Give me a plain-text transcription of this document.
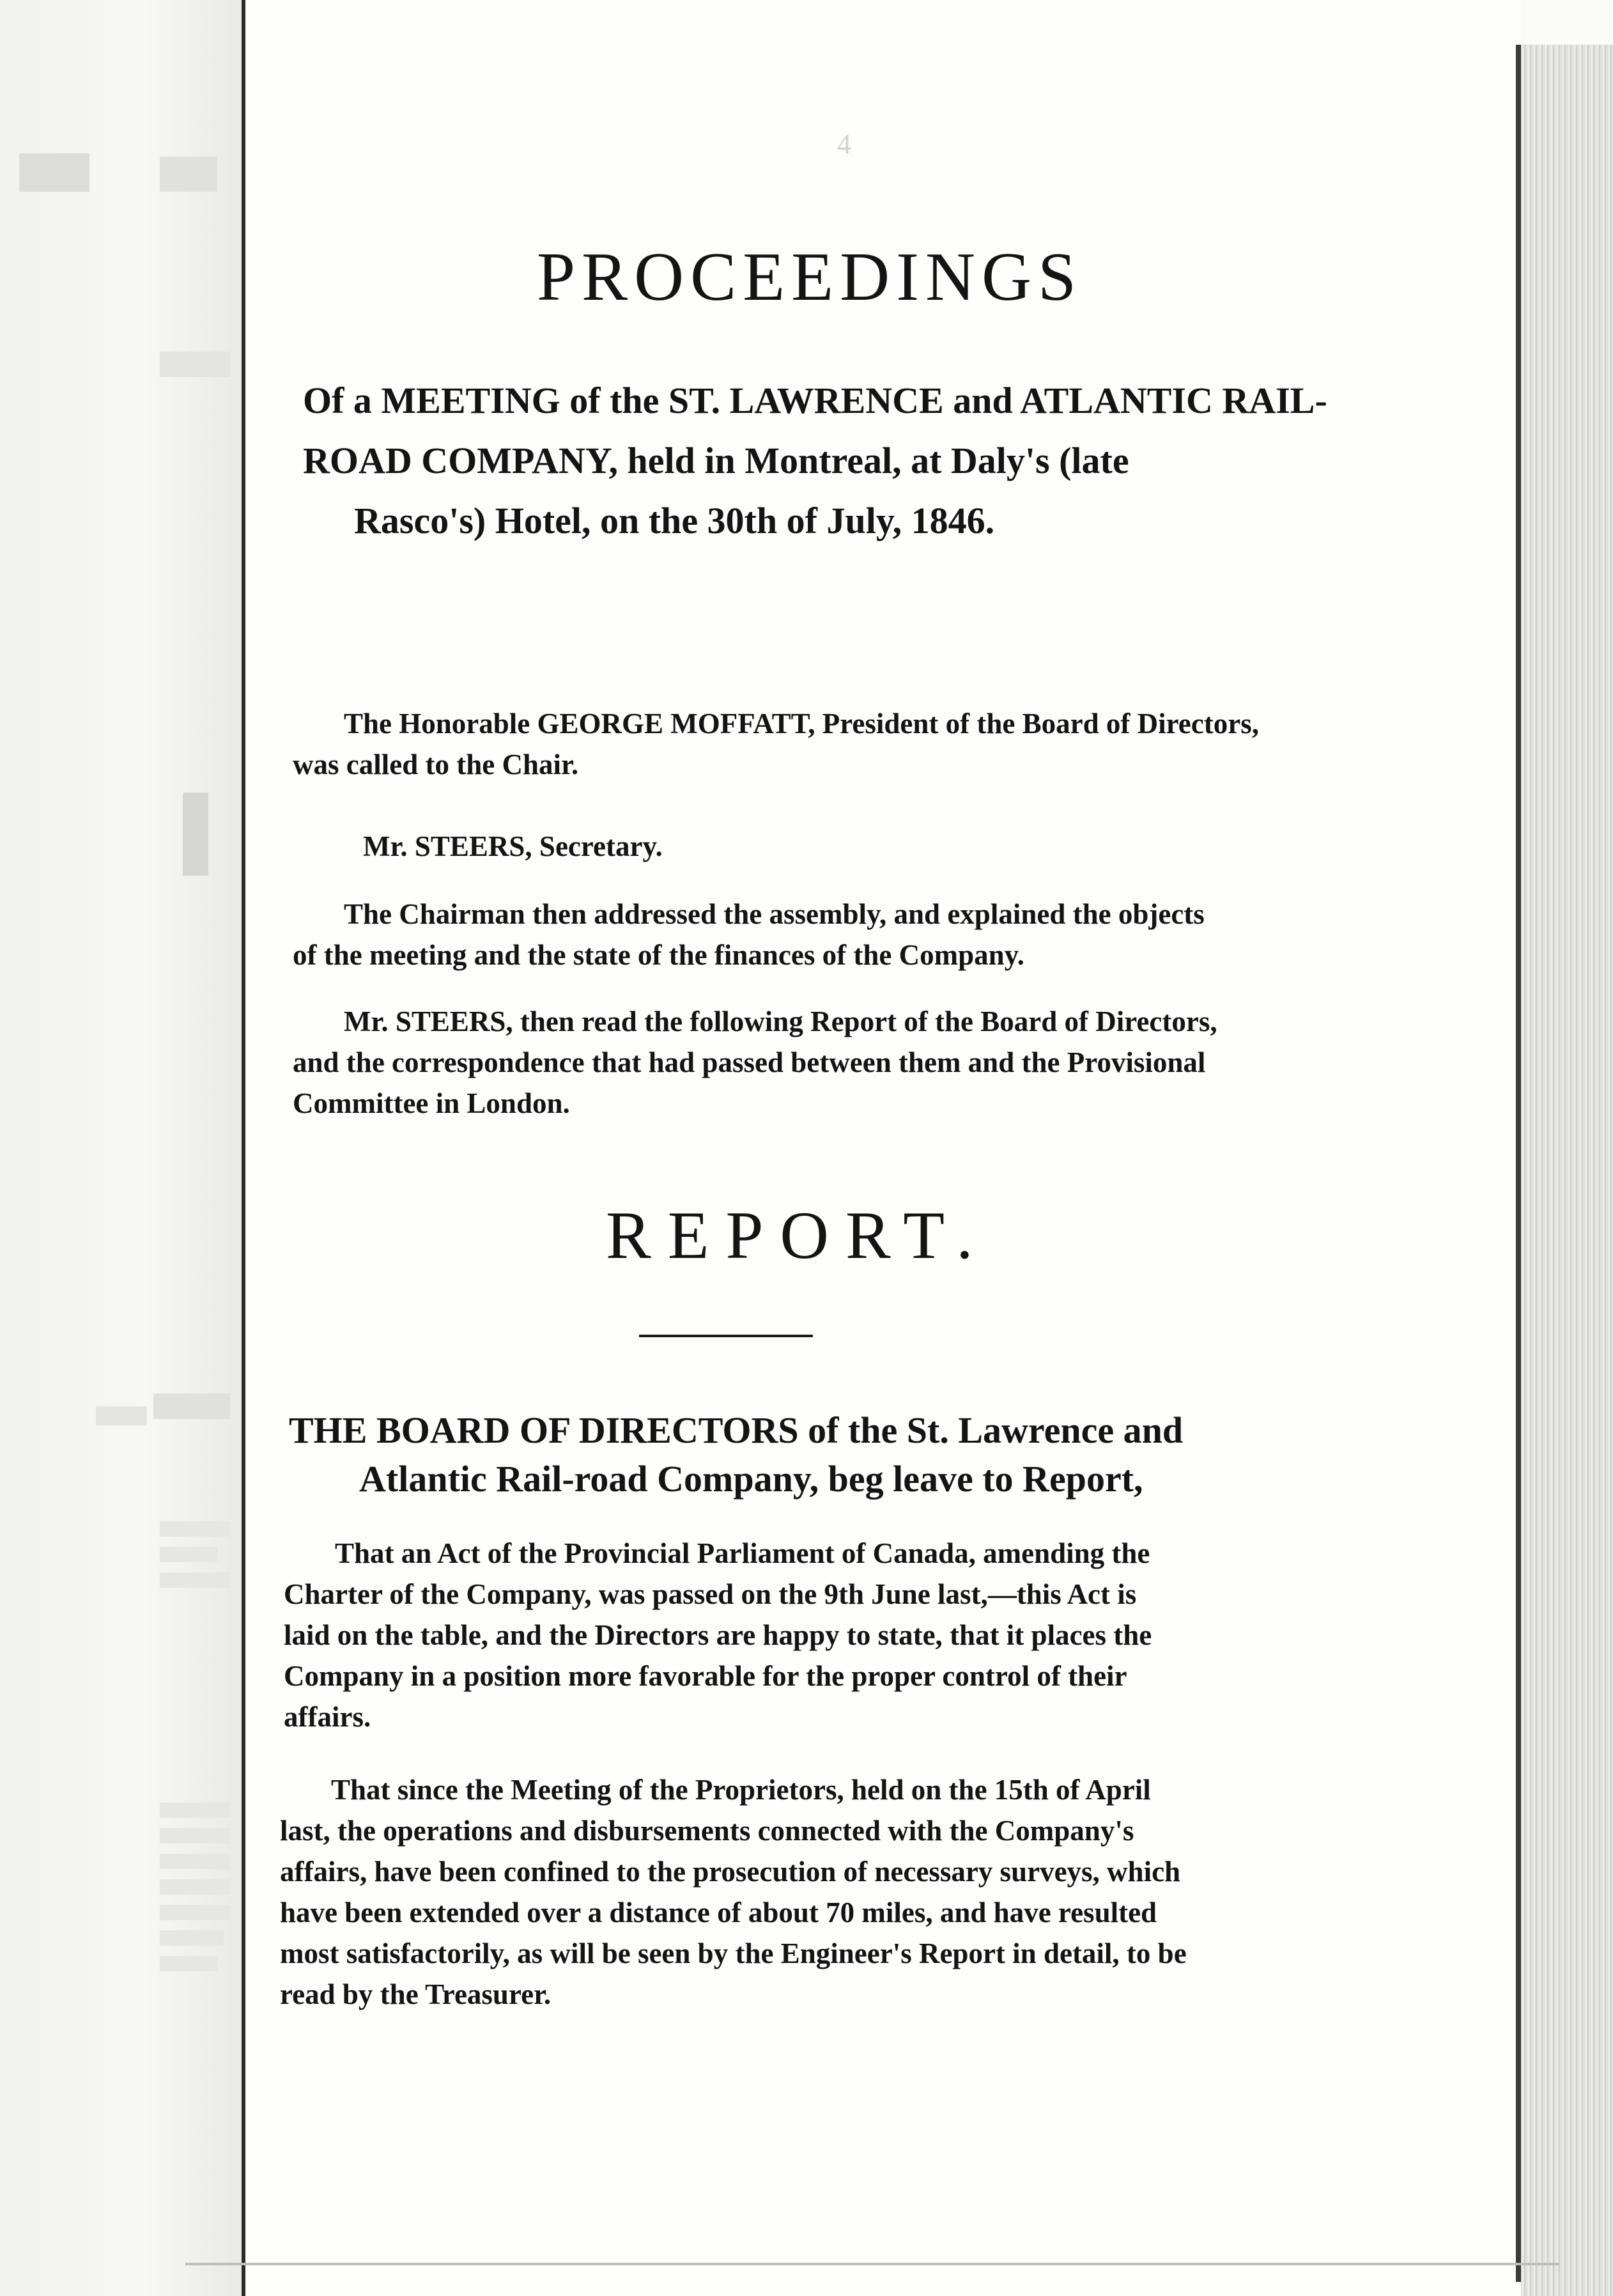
4
PROCEEDINGS
Of a MEETING of the ST. LAWRENCE and ATLANTIC RAIL-
ROAD COMPANY, held in Montreal, at Daly's (late
Rasco's) Hotel, on the 30th of July, 1846.
The Honorable GEORGE MOFFATT, President of the Board of Directors,
was called to the Chair.
Mr. STEERS, Secretary.
The Chairman then addressed the assembly, and explained the objects
of the meeting and the state of the finances of the Company.
Mr. STEERS, then read the following Report of the Board of Directors,
and the correspondence that had passed between them and the Provisional
Committee in London.
REPORT.
THE BOARD OF DIRECTORS of the St. Lawrence and
Atlantic Rail-road Company, beg leave to Report,
That an Act of the Provincial Parliament of Canada, amending the
Charter of the Company, was passed on the 9th June last,—this Act is
laid on the table, and the Directors are happy to state, that it places the
Company in a position more favorable for the proper control of their
affairs.
That since the Meeting of the Proprietors, held on the 15th of April
last, the operations and disbursements connected with the Company's
affairs, have been confined to the prosecution of necessary surveys, which
have been extended over a distance of about 70 miles, and have resulted
most satisfactorily, as will be seen by the Engineer's Report in detail, to be
read by the Treasurer.
